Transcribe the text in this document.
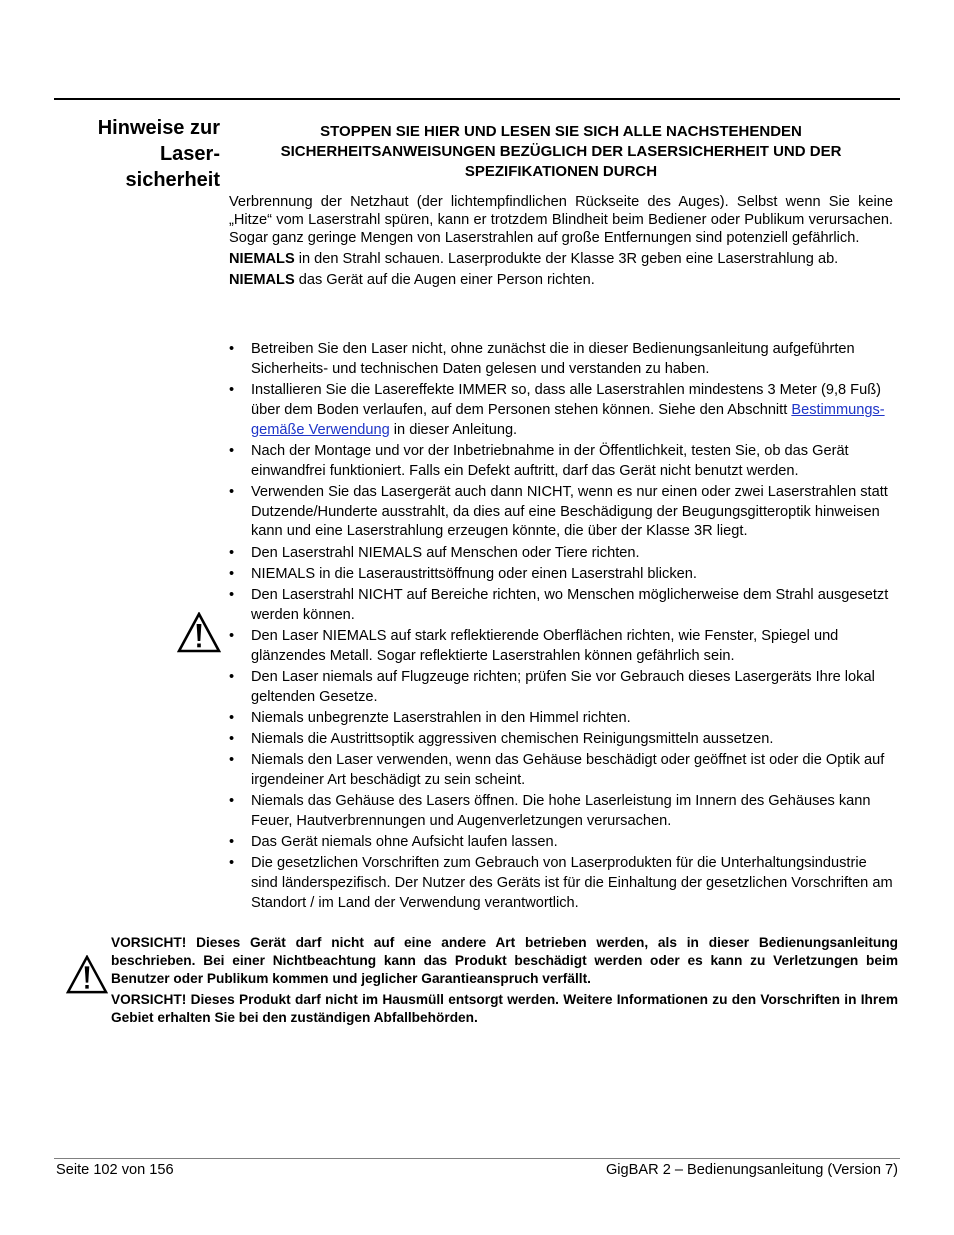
Hinweise zur
Laser-
sicherheit
STOPPEN SIE HIER UND LESEN SIE SICH ALLE NACHSTEHENDEN
SICHERHEITSANWEISUNGEN BEZÜGLICH DER LASERSICHERHEIT UND DER
SPEZIFIKATIONEN DURCH

Verbrennung der Netzhaut (der lichtempfindlichen Rückseite des Auges). Selbst wenn Sie keine „Hitze“ vom Laserstrahl spüren, kann er trotzdem Blindheit beim Bediener oder Publikum verursachen. Sogar ganz geringe Mengen von Laserstrahlen auf große Entfernungen sind potenziell gefährlich.

NIEMALS in den Strahl schauen. Laserprodukte der Klasse 3R geben eine Laserstrahlung ab.

NIEMALS das Gerät auf die Augen einer Person richten.

• Betreiben Sie den Laser nicht, ohne zunächst die in dieser Bedienungsanleitung aufgeführten Sicherheits- und technischen Daten gelesen und verstanden zu haben.
• Installieren Sie die Lasereffekte IMMER so, dass alle Laserstrahlen mindestens 3 Meter (9,8 Fuß) über dem Boden verlaufen, auf dem Personen stehen können. Siehe den Abschnitt Bestimmungs-gemäße Verwendung in dieser Anleitung.
• Nach der Montage und vor der Inbetriebnahme in der Öffentlichkeit, testen Sie, ob das Gerät einwandfrei funktioniert. Falls ein Defekt auftritt, darf das Gerät nicht benutzt werden.
• Verwenden Sie das Lasergerät auch dann NICHT, wenn es nur einen oder zwei Laserstrahlen statt Dutzende/Hunderte ausstrahlt, da dies auf eine Beschädigung der Beugungsgitteroptik hinweisen kann und eine Laserstrahlung erzeugen könnte, die über der Klasse 3R liegt.
• Den Laserstrahl NIEMALS auf Menschen oder Tiere richten.
• NIEMALS in die Laseraustrittsöffnung oder einen Laserstrahl blicken.
• Den Laserstrahl NICHT auf Bereiche richten, wo Menschen möglicherweise dem Strahl ausgesetzt werden können.
• Den Laser NIEMALS auf stark reflektierende Oberflächen richten, wie Fenster, Spiegel und glänzendes Metall. Sogar reflektierte Laserstrahlen können gefährlich sein.
• Den Laser niemals auf Flugzeuge richten; prüfen Sie vor Gebrauch dieses Lasergeräts Ihre lokal geltenden Gesetze.
• Niemals unbegrenzte Laserstrahlen in den Himmel richten.
• Niemals die Austrittsoptik aggressiven chemischen Reinigungsmitteln aussetzen.
• Niemals den Laser verwenden, wenn das Gehäuse beschädigt oder geöffnet ist oder die Optik auf irgendeiner Art beschädigt zu sein scheint.
• Niemals das Gehäuse des Lasers öffnen. Die hohe Laserleistung im Innern des Gehäuses kann Feuer, Hautverbrennungen und Augenverletzungen verursachen.
• Das Gerät niemals ohne Aufsicht laufen lassen.
• Die gesetzlichen Vorschriften zum Gebrauch von Laserprodukten für die Unterhaltungsindustrie sind länderspezifisch. Der Nutzer des Geräts ist für die Einhaltung der gesetzlichen Vorschriften am Standort / im Land der Verwendung verantwortlich.

VORSICHT! Dieses Gerät darf nicht auf eine andere Art betrieben werden, als in dieser Bedienungsanleitung beschrieben. Bei einer Nichtbeachtung kann das Produkt beschädigt werden oder es kann zu Verletzungen beim Benutzer oder Publikum kommen und jeglicher Garantieanspruch verfällt.

VORSICHT! Dieses Produkt darf nicht im Hausmüll entsorgt werden. Weitere Informationen zu den Vorschriften in Ihrem Gebiet erhalten Sie bei den zuständigen Abfallbehörden.

Seite 102 von 156	GigBAR 2 – Bedienungsanleitung (Version 7)
